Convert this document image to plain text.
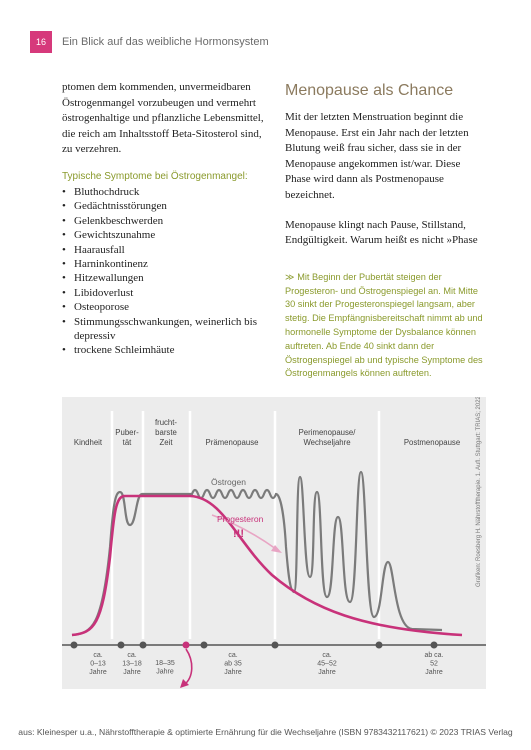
16	Ein Blick auf das weibliche Hormonsystem

ptomen dem kommenden, unvermeidbaren Östrogenmangel vorzubeugen und vermehrt östrogenhaltige und pflanzliche Lebensmittel, die reich am Inhaltsstoff Beta-Sitosterol sind, zu verzehren.

Typische Symptome bei Östrogenmangel:
• Bluthochdruck
• Gedächtnisstörungen
• Gelenkbeschwerden
• Gewichtszunahme
• Haarausfall
• Harninkontinenz
• Hitzewallungen
• Libidoverlust
• Osteoporose
• Stimmungsschwankungen, weinerlich bis depressiv
• trockene Schleimhäute
Menopause als Chance

Mit der letzten Menstruation beginnt die Menopause. Erst ein Jahr nach der letzten Blutung weiß frau sicher, dass sie in der Menopause angekommen ist/war. Diese Phase wird dann als Postmenopause bezeichnet.

Menopause klingt nach Pause, Stillstand, Endgültigkeit. Warum heißt es nicht »Phase

≫ Mit Beginn der Pubertät steigen der Progesteron- und Östrogenspiegel an. Mit Mitte 30 sinkt der Progesteronspiegel langsam, aber stetig. Die Empfängnisbereitschaft nimmt ab und hormonelle Symptome der Dysbalance können auftreten. Ab Ende 40 sinkt dann der Östrogenspiegel ab und typische Symptome des Östrogenmangels können auftreten.
Kindheit
Puber-
tät
frucht-
barste
Zeit	Prämenopause
Perimenopause/
Wechseljahre	Postmenopause
Östrogen
Progesteron
!!!
ca.
0–13
Jahre
ca.
13–18
Jahre
18–35
Jahre
ca.
ab 35
Jahre
ca.
45–52
Jahre
ab ca.
52
Jahre
Grafiken: Roesberg H. Nährstofftherapie. 1. Aufl. Stuttgart: TRIAS; 2022
aus: Kleinesper u.a., Nährstofftherapie & optimierte Ernährung für die Wechseljahre (ISBN 9783432117621) © 2023 TRIAS Verlag
